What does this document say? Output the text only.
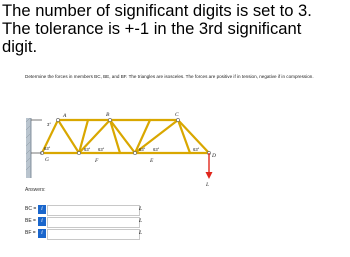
The number of significant digits is set to 3.
The tolerance is +-1 in the 3rd significant
digit.
Determine the forces in members BC, BE, and BF. The triangles are isosceles. The forces are positive if in tension, negative if in compression.
A	B	C
D
E
F
G
L
3°
63°	63° 63°	63° 63°	63°
Answers:
BC = i	L
BE = i	L
BF = i	L
